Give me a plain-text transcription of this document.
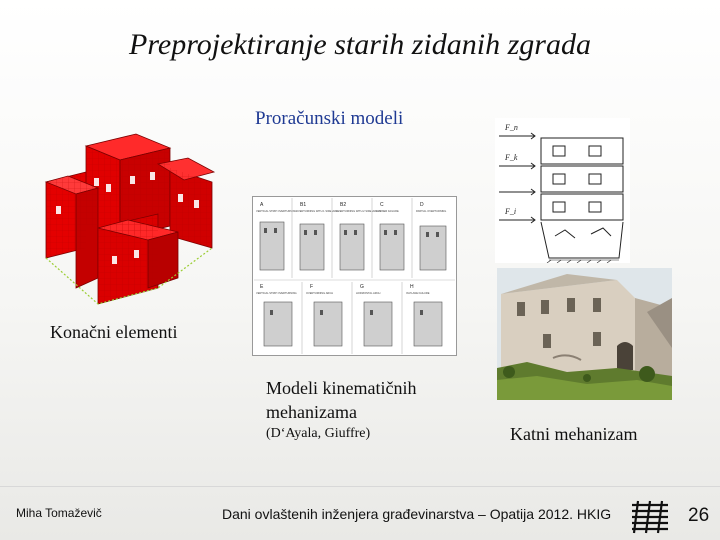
Preprojektiranje starih zidanih zgrada
Proračunski modeli
A	B1	B2	C	D
E	F	G	H
VERTICAL STRIP OVERTURNING OVERTURNING WITH 1 SIDE WALL
OVERTURNING WITH 2 SIDE WALLS
CORNER FAILURE	PARTIAL OVERTURNING
VERTICAL STRIP OVERTURNING	OVERTURNING ARCH	HORIZONTAL ARCH	IN-PLANE FAILURE
F_n
F_k
F_i
Konačni elementi
Modeli kinematičnih mehanizama
(D‘Ayala, Giuffre)	Katni mehanizam
Miha Tomaževič	Dani ovlaštenih inženjera građevinarstva – Opatija 2012. HKIG	26
